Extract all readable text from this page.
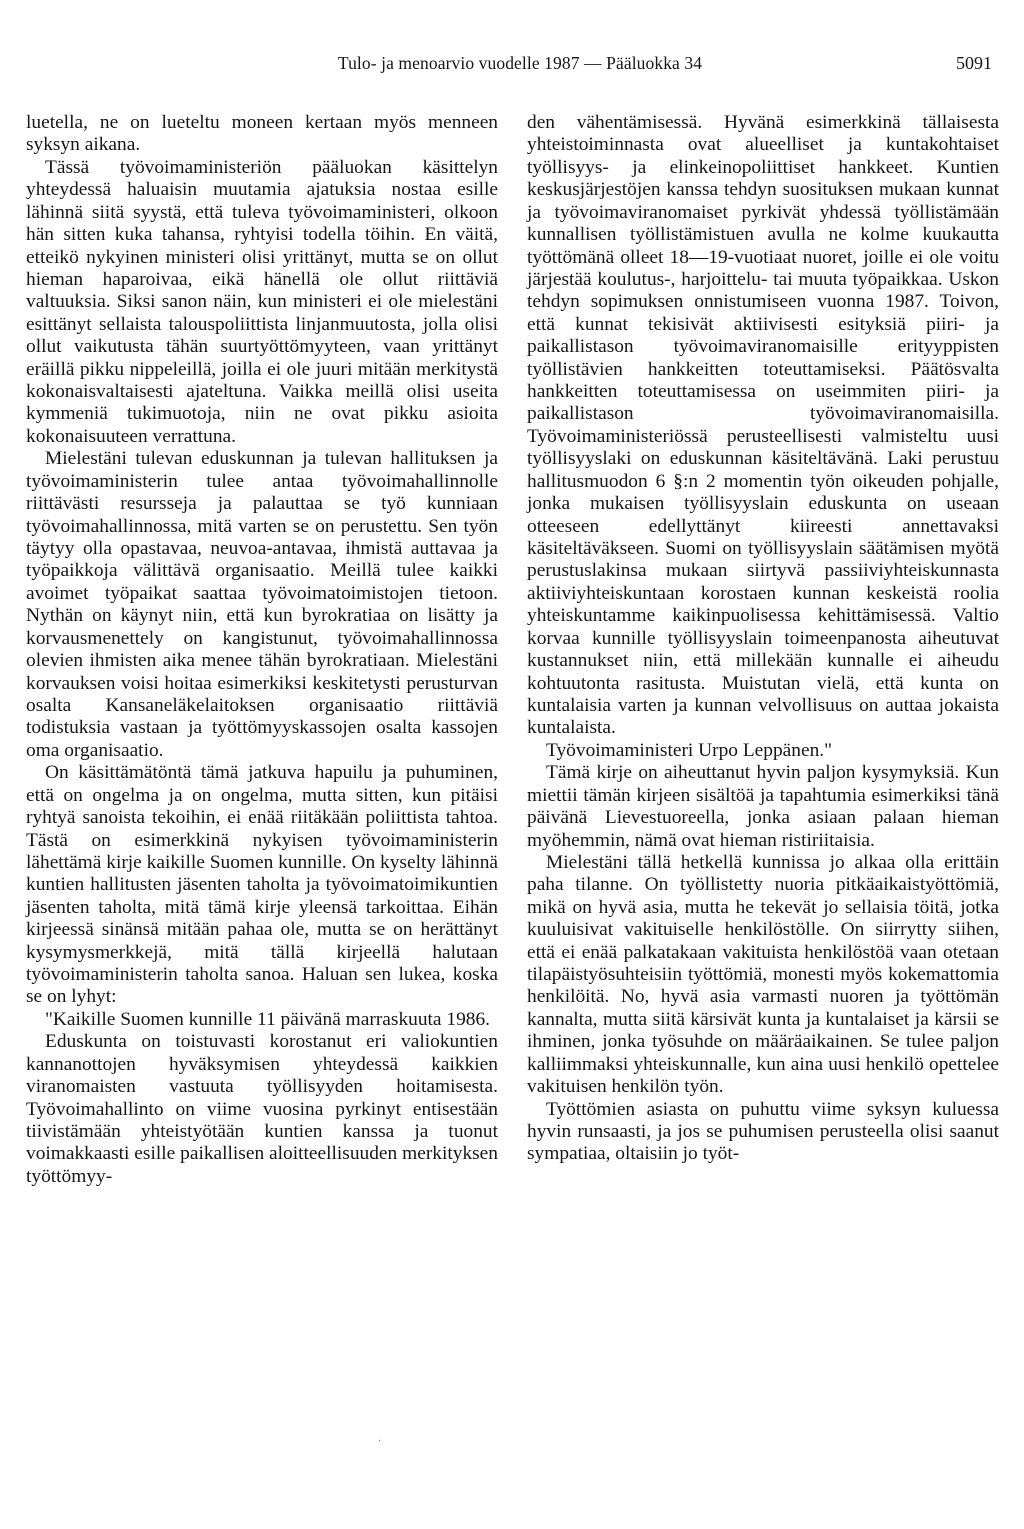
Tulo- ja menoarvio vuodelle 1987 — Pääluokka 34	5091

luetella, ne on lueteltu moneen kertaan myös menneen syksyn aikana.

Tässä työvoimaministeriön pääluokan käsittelyn yhteydessä haluaisin muutamia ajatuksia nostaa esille lähinnä siitä syystä, että tuleva työvoimaministeri, olkoon hän sitten kuka tahansa, ryhtyisi todella töihin. En väitä, etteikö nykyinen ministeri olisi yrittänyt, mutta se on ollut hieman haparoivaa, eikä hänellä ole ollut riittäviä valtuuksia. Siksi sanon näin, kun ministeri ei ole mielestäni esittänyt sellaista talouspoliittista linjanmuutosta, jolla olisi ollut vaikutusta tähän suurtyöttömyyteen, vaan yrittänyt eräillä pikku nippeleillä, joilla ei ole juuri mitään merkitystä kokonaisvaltaisesti ajateltuna. Vaikka meillä olisi useita kymmeniä tukimuotoja, niin ne ovat pikku asioita kokonaisuuteen verrattuna.

Mielestäni tulevan eduskunnan ja tulevan hallituksen ja työvoimaministerin tulee antaa työvoimahallinnolle riittävästi resursseja ja palauttaa se työ kunniaan työvoimahallinnossa, mitä varten se on perustettu. Sen työn täytyy olla opastavaa, neuvoa-antavaa, ihmistä auttavaa ja työpaikkoja välittävä organisaatio. Meillä tulee kaikki avoimet työpaikat saattaa työvoimatoimistojen tietoon. Nythän on käynyt niin, että kun byrokratiaa on lisätty ja korvausmenettely on kangistunut, työvoimahallinnossa olevien ihmisten aika menee tähän byrokratiaan. Mielestäni korvauksen voisi hoitaa esimerkiksi keskitetysti perusturvan osalta Kansaneläkelaitoksen organisaatio riittäviä todistuksia vastaan ja työttömyyskassojen osalta kassojen oma organisaatio.

On käsittämätöntä tämä jatkuva hapuilu ja puhuminen, että on ongelma ja on ongelma, mutta sitten, kun pitäisi ryhtyä sanoista tekoihin, ei enää riitäkään poliittista tahtoa. Tästä on esimerkkinä nykyisen työvoimaministerin lähettämä kirje kaikille Suomen kunnille. On kyselty lähinnä kuntien hallitusten jäsenten taholta ja työvoimatoimikuntien jäsenten taholta, mitä tämä kirje yleensä tarkoittaa. Eihän kirjeessä sinänsä mitään pahaa ole, mutta se on herättänyt kysymysmerkkejä, mitä tällä kirjeellä halutaan työvoimaministerin taholta sanoa. Haluan sen lukea, koska se on lyhyt:

"Kaikille Suomen kunnille 11 päivänä marraskuuta 1986.

Eduskunta on toistuvasti korostanut eri valiokuntien kannanottojen hyväksymisen yhteydessä kaikkien viranomaisten vastuuta työllisyyden hoitamisesta. Työvoimahallinto on viime vuosina pyrkinyt entisestään tiivistämään yhteistyötään kuntien kanssa ja tuonut voimakkaasti esille paikallisen aloitteellisuuden merkityksen työttömyy-

den vähentämisessä. Hyvänä esimerkkinä tällaisesta yhteistoiminnasta ovat alueelliset ja kuntakohtaiset työllisyys- ja elinkeinopoliittiset hankkeet. Kuntien keskusjärjestöjen kanssa tehdyn suosituksen mukaan kunnat ja työvoimaviranomaiset pyrkivät yhdessä työllistämään kunnallisen työllistämistuen avulla ne kolme kuukautta työttömänä olleet 18—19-vuotiaat nuoret, joille ei ole voitu järjestää koulutus-, harjoittelu- tai muuta työpaikkaa. Uskon tehdyn sopimuksen onnistumiseen vuonna 1987. Toivon, että kunnat tekisivät aktiivisesti esityksiä piiri- ja paikallistason työvoimaviranomaisille erityyppisten työllistävien hankkeitten toteuttamiseksi. Päätösvalta hankkeitten toteuttamisessa on useimmiten piiri- ja paikallistason työvoimaviranomaisilla. Työvoimaministeriössä perusteellisesti valmisteltu uusi työllisyyslaki on eduskunnan käsiteltävänä. Laki perustuu hallitusmuodon 6 §:n 2 momentin työn oikeuden pohjalle, jonka mukaisen työllisyyslain eduskunta on useaan otteeseen edellyttänyt kiireesti annettavaksi käsiteltäväkseen. Suomi on työllisyyslain säätämisen myötä perustuslakinsa mukaan siirtyvä passiiviyhteiskunnasta aktiiviyhteiskuntaan korostaen kunnan keskeistä roolia yhteiskuntamme kaikinpuolisessa kehittämisessä. Valtio korvaa kunnille työllisyyslain toimeenpanosta aiheutuvat kustannukset niin, että millekään kunnalle ei aiheudu kohtuutonta rasitusta. Muistutan vielä, että kunta on kuntalaisia varten ja kunnan velvollisuus on auttaa jokaista kuntalaista.

Työvoimaministeri Urpo Leppänen."

Tämä kirje on aiheuttanut hyvin paljon kysymyksiä. Kun miettii tämän kirjeen sisältöä ja tapahtumia esimerkiksi tänä päivänä Lievestuoreella, jonka asiaan palaan hieman myöhemmin, nämä ovat hieman ristiriitaisia.

Mielestäni tällä hetkellä kunnissa jo alkaa olla erittäin paha tilanne. On työllistetty nuoria pitkäaikaistyöttömiä, mikä on hyvä asia, mutta he tekevät jo sellaisia töitä, jotka kuuluisivat vakituiselle henkilöstölle. On siirrytty siihen, että ei enää palkatakaan vakituista henkilöstöä vaan otetaan tilapäistyösuhteisiin työttömiä, monesti myös kokemattomia henkilöitä. No, hyvä asia varmasti nuoren ja työttömän kannalta, mutta siitä kärsivät kunta ja kuntalaiset ja kärsii se ihminen, jonka työsuhde on määräaikainen. Se tulee paljon kalliimmaksi yhteiskunnalle, kun aina uusi henkilö opettelee vakituisen henkilön työn.

Työttömien asiasta on puhuttu viime syksyn kuluessa hyvin runsaasti, ja jos se puhumisen perusteella olisi saanut sympatiaa, oltaisiin jo työt-

·
